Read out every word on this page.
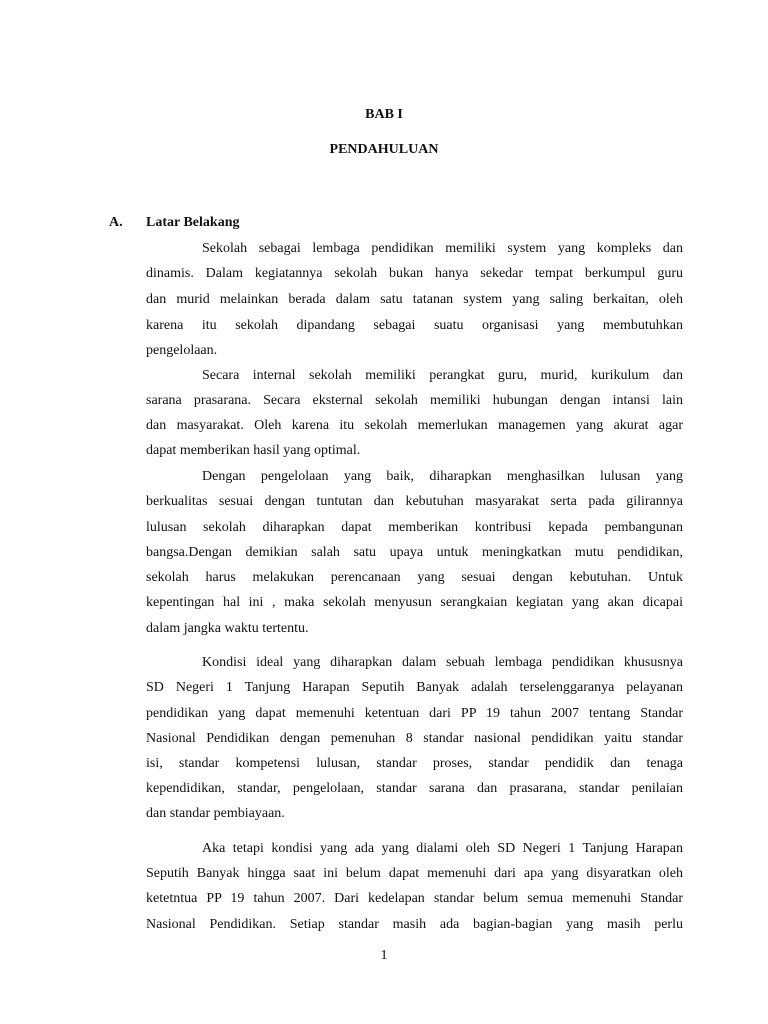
BAB I
PENDAHULUAN
A. Latar Belakang
Sekolah sebagai lembaga pendidikan memiliki system yang kompleks dan
dinamis. Dalam kegiatannya sekolah bukan hanya sekedar tempat berkumpul guru
dan murid melainkan berada dalam satu tatanan system yang saling berkaitan, oleh
karena itu sekolah dipandang sebagai suatu organisasi yang membutuhkan
pengelolaan.
Secara internal sekolah memiliki perangkat guru, murid, kurikulum dan
sarana prasarana. Secara eksternal sekolah memiliki hubungan dengan intansi lain
dan masyarakat. Oleh karena itu sekolah memerlukan managemen yang akurat agar
dapat memberikan hasil yang optimal.
Dengan pengelolaan yang baik, diharapkan menghasilkan lulusan yang
berkualitas sesuai dengan tuntutan dan kebutuhan masyarakat serta pada gilirannya
lulusan sekolah diharapkan dapat memberikan kontribusi kepada pembangunan
bangsa.Dengan demikian salah satu upaya untuk meningkatkan mutu pendidikan,
sekolah harus melakukan perencanaan yang sesuai dengan kebutuhan. Untuk
kepentingan hal ini , maka sekolah menyusun serangkaian kegiatan yang akan dicapai
dalam jangka waktu tertentu.
Kondisi ideal yang diharapkan dalam sebuah lembaga pendidikan khususnya
SD Negeri 1 Tanjung Harapan Seputih Banyak adalah terselenggaranya pelayanan
pendidikan yang dapat memenuhi ketentuan dari PP 19 tahun 2007 tentang Standar
Nasional Pendidikan dengan pemenuhan 8 standar nasional pendidikan yaitu standar
isi, standar kompetensi lulusan, standar proses, standar pendidik dan tenaga
kependidikan, standar, pengelolaan, standar sarana dan prasarana, standar penilaian
dan standar pembiayaan.
Aka tetapi kondisi yang ada yang dialami oleh SD Negeri 1 Tanjung Harapan
Seputih Banyak hingga saat ini belum dapat memenuhi dari apa yang disyaratkan oleh
ketetntua PP 19 tahun 2007. Dari kedelapan standar belum semua memenuhi Standar
Nasional Pendidikan. Setiap standar masih ada bagian-bagian yang masih perlu
1
